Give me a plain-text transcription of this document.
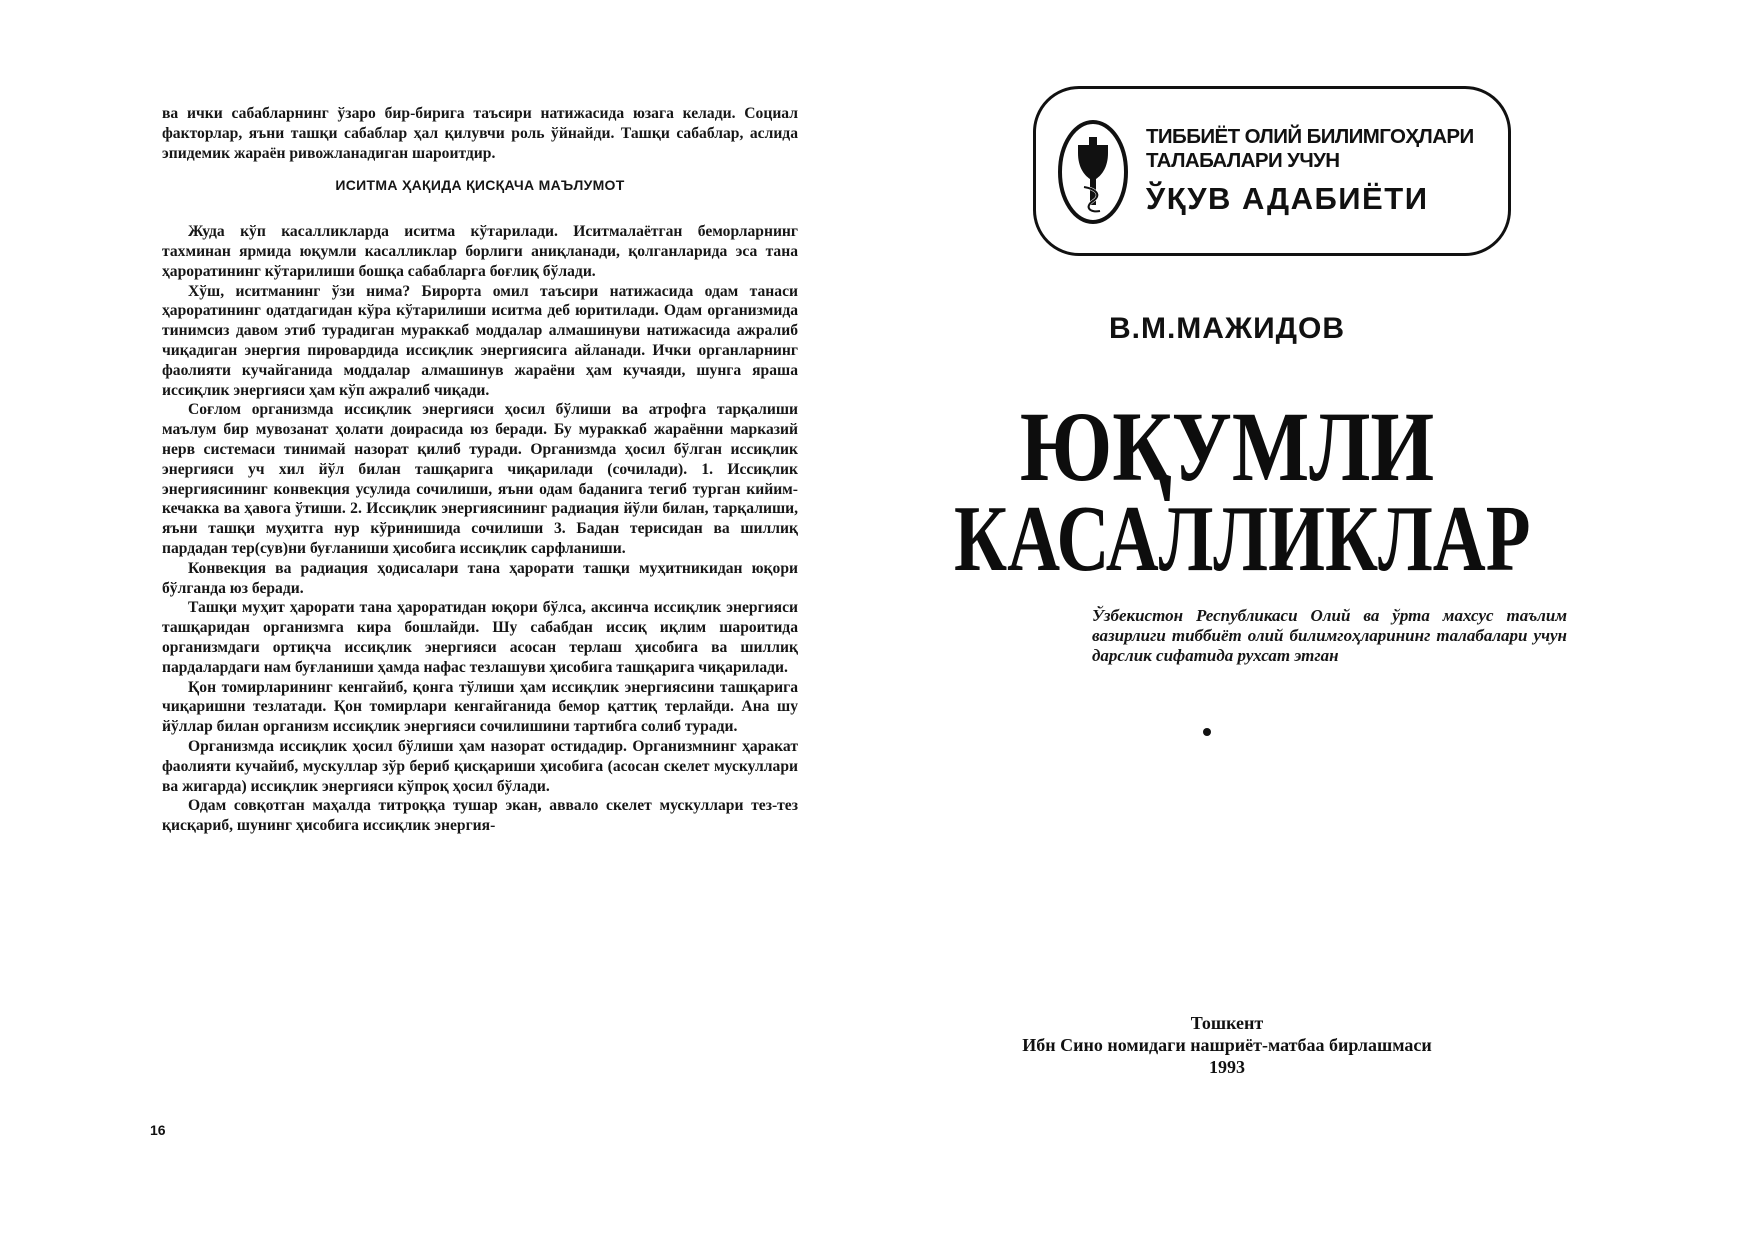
ва ички сабабларнинг ўзаро бир-бирига таъсири натижасида юзага келади. Социал факторлар, яъни ташқи сабаблар ҳал қилувчи роль ўйнайди. Ташқи сабаблар, аслида эпидемик жараён ривожланадиган шароитдир.

ИСИТМА ҲАҚИДА ҚИСҚАЧА МАЪЛУМОТ

Жуда кўп касалликларда иситма кўтарилади. Иситмалаётган беморларнинг тахминан ярмида юқумли касалликлар борлиги аниқланади, қолганларида эса тана ҳароратининг кўтарилиши бошқа сабабларга боғлиқ бўлади.

Хўш, иситманинг ўзи нима? Бирорта омил таъсири натижасида одам танаси ҳароратининг одатдагидан кўра кўтарилиши иситма деб юритилади. Одам организмида тинимсиз давом этиб турадиган мураккаб моддалар алмашинуви натижасида ажралиб чиқадиган энергия пировардида иссиқлик энергиясига айланади. Ички органларнинг фаолияти кучайганида моддалар алмашинув жараёни ҳам кучаяди, шунга яраша иссиқлик энергияси ҳам кўп ажралиб чиқади.

Соғлом организмда иссиқлик энергияси ҳосил бўлиши ва атрофга тарқалиши маълум бир мувозанат ҳолати доирасида юз беради. Бу мураккаб жараённи марказий нерв системаси тинимай назорат қилиб туради. Организмда ҳосил бўлган иссиқлик энергияси уч хил йўл билан ташқарига чиқарилади (сочилади). 1. Иссиқлик энергиясининг конвекция усулида сочилиши, яъни одам баданига тегиб турган кийим-кечакка ва ҳавога ўтиши. 2. Иссиқлик энергиясининг радиация йўли билан, тарқалиши, яъни ташқи муҳитга нур кўринишида сочилиши 3. Бадан терисидан ва шиллиқ пардадан тер(сув)ни буғланиши ҳисобига иссиқлик сарфланиши.

Конвекция ва радиация ҳодисалари тана ҳарорати ташқи муҳитникидан юқори бўлганда юз беради.

Ташқи муҳит ҳарорати тана ҳароратидан юқори бўлса, аксинча иссиқлик энергияси ташқаридан организмга кира бошлайди. Шу сабабдан иссиқ иқлим шароитида организмдаги ортиқча иссиқлик энергияси асосан терлаш ҳисобига ва шиллиқ пардалардаги нам буғланиши ҳамда нафас тезлашуви ҳисобига ташқарига чиқарилади.

Қон томирларининг кенгайиб, қонга тўлиши ҳам иссиқлик энергиясини ташқарига чиқаришни тезлатади. Қон томирлари кенгайганида бемор қаттиқ терлайди. Ана шу йўллар билан организм иссиқлик энергияси сочилишини тартибга солиб туради.

Организмда иссиқлик ҳосил бўлиши ҳам назорат остидадир. Организмнинг ҳаракат фаолияти кучайиб, мускуллар зўр бериб қисқариши ҳисобига (асосан скелет мускуллари ва жигарда) иссиқлик энергияси кўпроқ ҳосил бўлади.

Одам совқотган маҳалда титроққа тушар экан, аввало скелет мускуллари тез-тез қисқариб, шунинг ҳисобига иссиқлик энергия-

16
ТИББИЁТ ОЛИЙ БИЛИМГОҲЛАРИ
ТАЛАБАЛАРИ УЧУН
ЎҚУВ АДАБИЁТИ
В.М.МАЖИДОВ
ЮҚУМЛИ
КАСАЛЛИКЛАР
Ўзбекистон Республикаси Олий ва ўрта махсус таълим вазирлиги тиббиёт олий билимгоҳларининг талабалари учун дарслик сифатида рухсат этган
Тошкент
Ибн Сино номидаги нашриёт-матбаа бирлашмаси
1993
